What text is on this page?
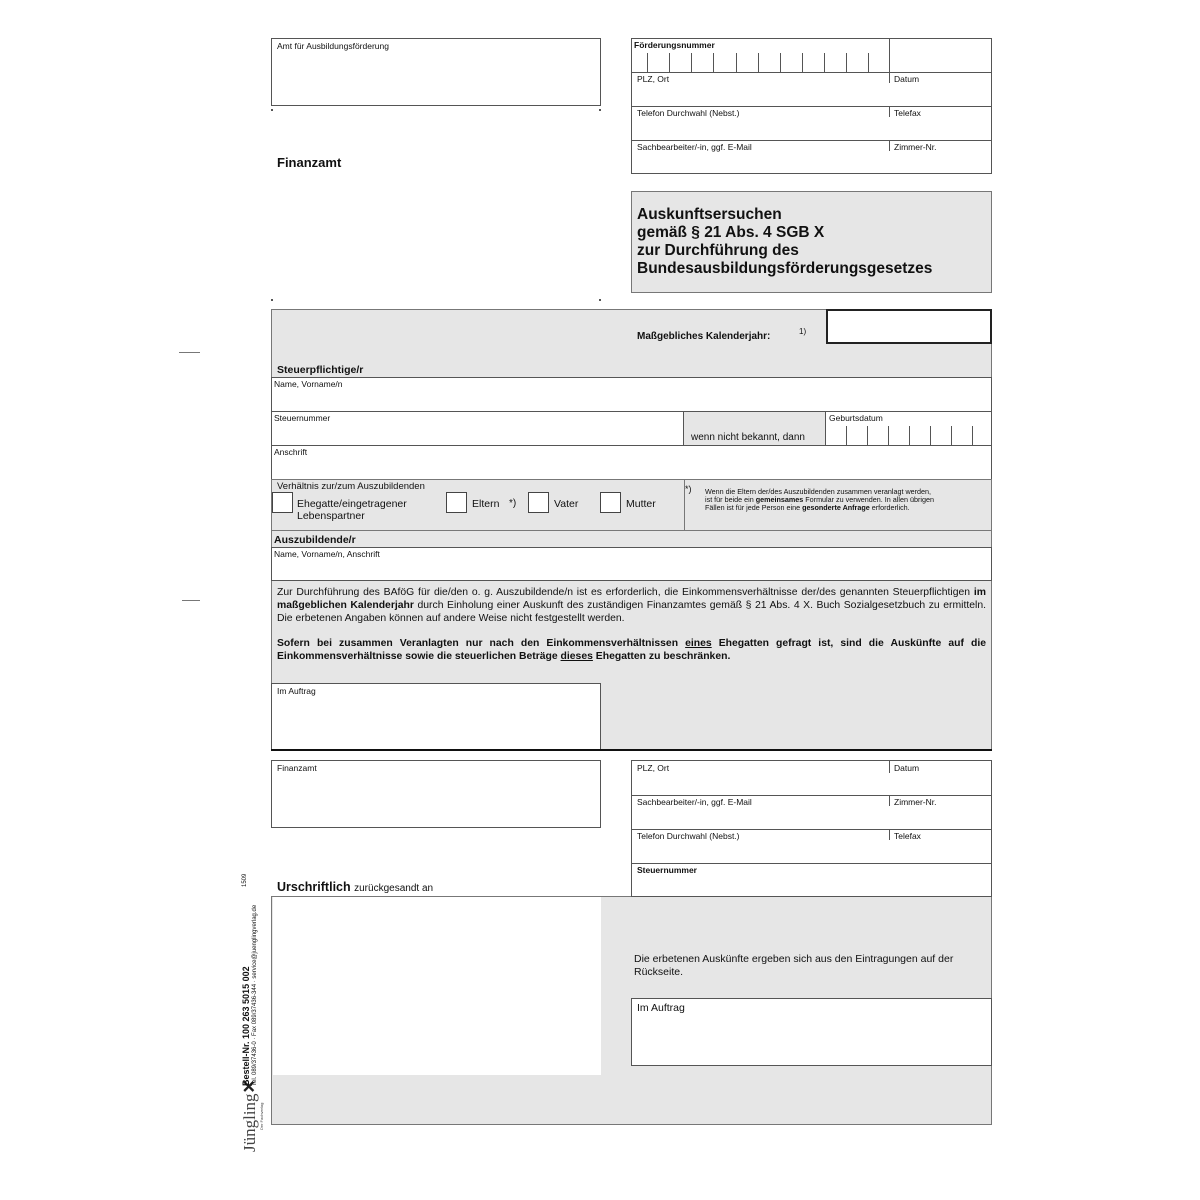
Amt für Ausbildungsförderung
Finanzamt
Förderungsnummer
PLZ, Ort	Datum
Telefon Durchwahl (Nebst.)	Telefax
Sachbearbeiter/-in, ggf. E-Mail	Zimmer-Nr.
Auskunftsersuchen
gemäß § 21 Abs. 4 SGB X
zur Durchführung des
Bundesausbildungsförderungsgesetzes
Maßgebliches Kalenderjahr:	1)
Steuerpflichtige/r
Name, Vorname/n
Steuernummer
wenn nicht bekannt, dann
Geburtsdatum
Anschrift
Verhältnis zur/zum Auszubildenden
Ehegatte/eingetragener
Lebenspartner
Eltern *)	Vater	Mutter
*) Wenn die Eltern der/des Auszubildenden zusammen veranlagt werden,
ist für beide ein gemeinsames Formular zu verwenden. In allen übrigen
Fällen ist für jede Person eine gesonderte Anfrage erforderlich.
Auszubildende/r
Name, Vorname/n, Anschrift
Zur Durchführung des BAföG für die/den o. g. Auszubildende/n ist es erforderlich, die Einkommensverhältnisse der/des genannten Steuerpflichtigen im maßgeblichen Kalenderjahr durch Einholung einer Auskunft des zuständigen Finanzamtes gemäß § 21 Abs. 4 X. Buch Sozialgesetzbuch zu ermitteln. Die erbetenen Angaben können auf andere Weise nicht festgestellt werden.
Sofern bei zusammen Veranlagten nur nach den Einkommensverhältnissen eines Ehegatten gefragt ist, sind die Auskünfte auf die Einkommensverhältnisse sowie die steuerlichen Beträge dieses Ehegatten zu beschränken.
Im Auftrag
Finanzamt	PLZ, Ort	Datum
Sachbearbeiter/-in, ggf. E-Mail	Zimmer-Nr.
Telefon Durchwahl (Nebst.)	Telefax
Steuernummer
Urschriftlich zurückgesandt an
Die erbetenen Auskünfte ergeben sich aus den Eintragungen auf der Rückseite.
Im Auftrag
Jüngling✕
Der Fachverlag
Bestell-Nr. 100 263 5015 002 Tel. 089/37436-0 · Fax 089/37436-344 · service@juenglingverlag.de
1509
